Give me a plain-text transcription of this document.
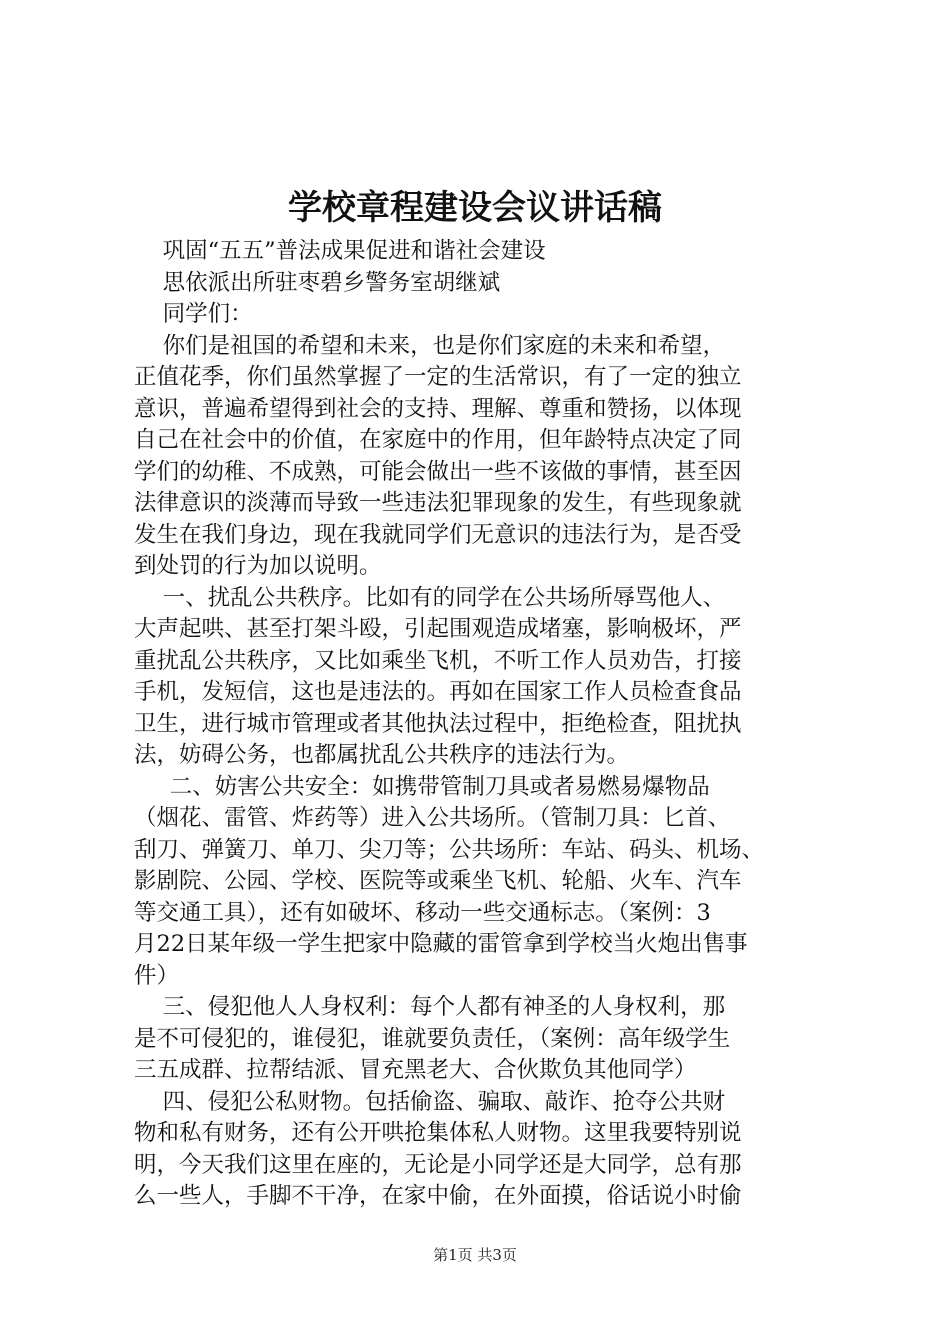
学校章程建设会议讲话稿
巩固“五五”普法成果促进和谐社会建设
思依派出所驻枣碧乡警务室胡继斌
同学们：
你们是祖国的希望和未来，也是你们家庭的未来和希望，
正值花季，你们虽然掌握了一定的生活常识，有了一定的独立
意识，普遍希望得到社会的支持、理解、尊重和赞扬，以体现
自己在社会中的价值，在家庭中的作用，但年龄特点决定了同
学们的幼稚、不成熟，可能会做出一些不该做的事情，甚至因
法律意识的淡薄而导致一些违法犯罪现象的发生，有些现象就
发生在我们身边，现在我就同学们无意识的违法行为，是否受
到处罚的行为加以说明。
一、扰乱公共秩序。比如有的同学在公共场所辱骂他人、
大声起哄、甚至打架斗殴，引起围观造成堵塞，影响极坏，严
重扰乱公共秩序，又比如乘坐飞机，不听工作人员劝告，打接
手机，发短信，这也是违法的。再如在国家工作人员检查食品
卫生，进行城市管理或者其他执法过程中，拒绝检查，阻扰执
法，妨碍公务，也都属扰乱公共秩序的违法行为。
二、妨害公共安全：如携带管制刀具或者易燃易爆物品
（烟花、雷管、炸药等）进入公共场所。（管制刀具：匕首、
刮刀、弹簧刀、单刀、尖刀等；公共场所：车站、码头、机场、
影剧院、公园、学校、医院等或乘坐飞机、轮船、火车、汽车
等交通工具），还有如破坏、移动一些交通标志。（案例：3
月22日某年级一学生把家中隐藏的雷管拿到学校当火炮出售事
件）
三、侵犯他人人身权利：每个人都有神圣的人身权利，那
是不可侵犯的，谁侵犯，谁就要负责任，（案例：高年级学生
三五成群、拉帮结派、冒充黑老大、合伙欺负其他同学）
四、侵犯公私财物。包括偷盗、骗取、敲诈、抢夺公共财
物和私有财务，还有公开哄抢集体私人财物。这里我要特别说
明，今天我们这里在座的，无论是小同学还是大同学，总有那
么一些人，手脚不干净，在家中偷，在外面摸，俗话说小时偷
第1页 共3页
